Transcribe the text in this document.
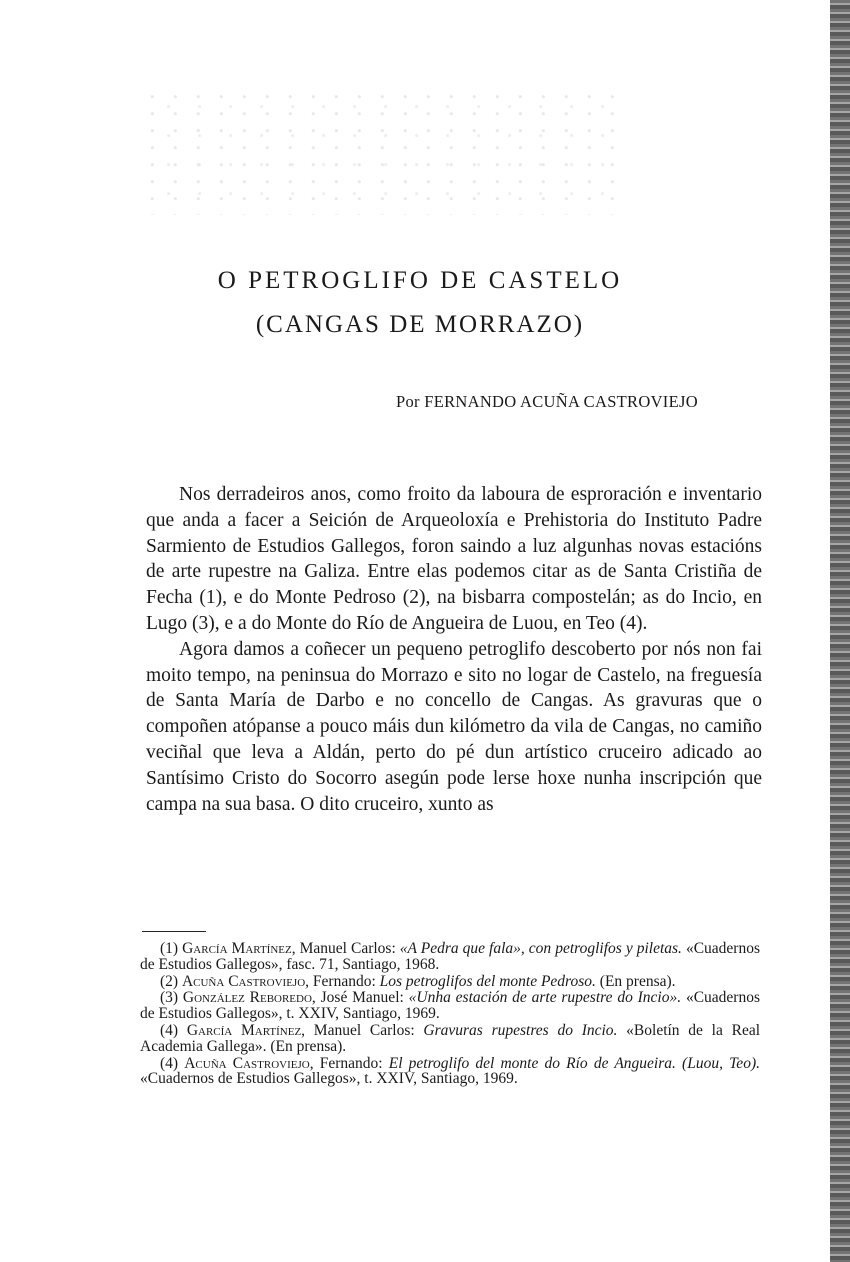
O PETROGLIFO DE CASTELO
(CANGAS DE MORRAZO)
Por FERNANDO ACUÑA CASTROVIEJO

Nos derradeiros anos, como froito da laboura de esproración e inventario que anda a facer a Seición de Arqueoloxía e Prehistoria do Instituto Padre Sarmiento de Estudios Gallegos, foron saindo a luz algunhas novas estacións de arte rupestre na Galiza. Entre elas podemos citar as de Santa Cristiña de Fecha (1), e do Monte Pedroso (2), na bisbarra compostelán; as do Incio, en Lugo (3), e a do Monte do Río de Angueira de Luou, en Teo (4).

Agora damos a coñecer un pequeno petroglifo descoberto por nós non fai moito tempo, na peninsua do Morrazo e sito no logar de Castelo, na freguesía de Santa María de Darbo e no concello de Cangas. As gravuras que o compoñen atópanse a pouco máis dun kilómetro da vila de Cangas, no camiño veciñal que leva a Aldán, perto do pé dun artístico cruceiro adicado ao Santísimo Cristo do Socorro asegún pode lerse hoxe nunha inscripción que campa na sua basa. O dito cruceiro, xunto as

(1) García Martínez, Manuel Carlos: «A Pedra que fala», con petroglifos y piletas. «Cuadernos de Estudios Gallegos», fasc. 71, Santiago, 1968.

(2) Acuña Castroviejo, Fernando: Los petroglifos del monte Pedroso. (En prensa).

(3) González Reboredo, José Manuel: «Unha estación de arte rupestre do Incio». «Cuadernos de Estudios Gallegos», t. XXIV, Santiago, 1969.

(4) García Martínez, Manuel Carlos: Gravuras rupestres do Incio. «Boletín de la Real Academia Gallega». (En prensa).

(4) Acuña Castroviejo, Fernando: El petroglifo del monte do Río de Angueira. (Luou, Teo). «Cuadernos de Estudios Gallegos», t. XXIV, Santiago, 1969.
